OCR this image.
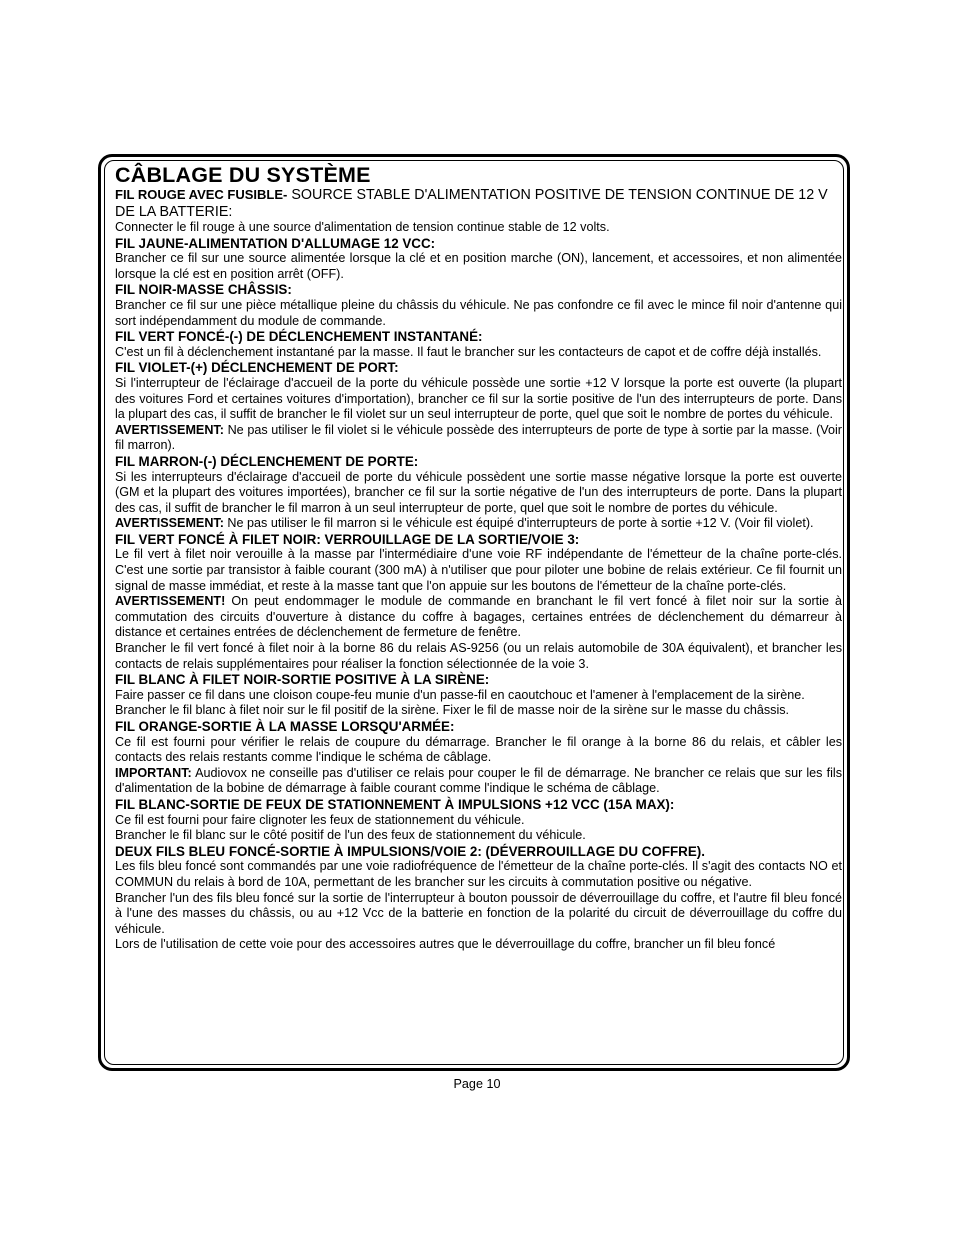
CÂBLAGE DU SYSTÈME

FIL ROUGE AVEC FUSIBLE- SOURCE STABLE D'ALIMENTATION POSITIVE DE TENSION CONTINUE DE 12 V DE LA BATTERIE:

Connecter le fil rouge à une source d'alimentation de tension continue stable de 12 volts.

FIL JAUNE-ALIMENTATION D'ALLUMAGE 12 VCC:

Brancher ce fil sur une source alimentée lorsque la clé et en position marche (ON), lancement, et accessoires, et non alimentée lorsque la clé est en position arrêt (OFF).

FIL NOIR-MASSE CHÂSSIS:

Brancher ce fil sur une pièce métallique pleine du châssis du véhicule. Ne pas confondre ce fil avec le mince fil noir d'antenne qui sort indépendamment du module de commande.

FIL VERT FONCÉ-(-) DE DÉCLENCHEMENT INSTANTANÉ:

C'est un fil à déclenchement instantané par la masse. Il faut le brancher sur les contacteurs de capot et de coffre déjà installés.

FIL VIOLET-(+) DÉCLENCHEMENT DE PORT:

Si l'interrupteur de l'éclairage d'accueil de la porte du véhicule possède une sortie +12 V lorsque la porte est ouverte (la plupart des voitures Ford et certaines voitures d'importation), brancher ce fil sur la sortie positive de l'un des interrupteurs de porte. Dans la plupart des cas, il suffit de brancher le fil violet sur un seul interrupteur de porte, quel que soit le nombre de portes du véhicule.

AVERTISSEMENT: Ne pas utiliser le fil violet si le véhicule possède des interrupteurs de porte de type à sortie par la masse. (Voir fil marron).

FIL MARRON-(-) DÉCLENCHEMENT DE PORTE:

Si les interrupteurs d'éclairage d'accueil de porte du véhicule possèdent une sortie masse négative lorsque la porte est ouverte (GM et la plupart des voitures importées), brancher ce fil sur la sortie négative de l'un des interrupteurs de porte. Dans la plupart des cas, il suffit de brancher le fil marron à un seul interrupteur de porte, quel que soit le nombre de portes du véhicule.

AVERTISSEMENT: Ne pas utiliser le fil marron si le véhicule est équipé d'interrupteurs de porte à sortie +12 V. (Voir fil violet).

FIL VERT FONCÉ À FILET NOIR: VERROUILLAGE DE LA SORTIE/VOIE 3:

Le fil vert à filet noir verouille à la masse par l'intermédiaire d'une voie RF indépendante de l'émetteur de la chaîne porte-clés. C'est une sortie par transistor à faible courant (300 mA) à n'utiliser que pour piloter une bobine de relais extérieur. Ce fil fournit un signal de masse immédiat, et reste à la masse tant que l'on appuie sur les boutons de l'émetteur de la chaîne porte-clés.

AVERTISSEMENT! On peut endommager le module de commande en branchant le fil vert foncé à filet noir sur la sortie à commutation des circuits d'ouverture à distance du coffre à bagages, certaines entrées de déclenchement du démarreur à distance et certaines entrées de déclenchement de fermeture de fenêtre.

Brancher le fil vert foncé à filet noir à la borne 86 du relais AS-9256 (ou un relais automobile de 30A équivalent), et brancher les contacts de relais supplémentaires pour réaliser la fonction sélectionnée de la voie 3.

FIL BLANC À FILET NOIR-SORTIE POSITIVE À LA SIRÈNE:

Faire passer ce fil dans une cloison coupe-feu munie d'un passe-fil en caoutchouc et l'amener à l'emplacement de la sirène.

Brancher le fil blanc à filet noir sur le fil positif de la sirène. Fixer le fil de masse noir de la sirène sur le masse du châssis.

FIL ORANGE-SORTIE À LA MASSE LORSQU'ARMÉE:

Ce fil est fourni pour vérifier le relais de coupure du démarrage. Brancher le fil orange à la borne 86 du relais, et câbler les contacts des relais restants comme l'indique le schéma de câblage.

IMPORTANT: Audiovox ne conseille pas d'utiliser ce relais pour couper le fil de démarrage. Ne brancher ce relais que sur les fils d'alimentation de la bobine de démarrage à faible courant comme l'indique le schéma de câblage.

FIL BLANC-SORTIE DE FEUX DE STATIONNEMENT À IMPULSIONS +12 VCC (15A MAX):

Ce fil est fourni pour faire clignoter les feux de stationnement du véhicule.

Brancher le fil blanc sur le côté positif de l'un des feux de stationnement du véhicule.

DEUX FILS BLEU FONCÉ-SORTIE À IMPULSIONS/VOIE 2: (DÉVERROUILLAGE DU COFFRE).

Les fils bleu foncé sont commandés par une voie radiofréquence de l'émetteur de la chaîne porte-clés. Il s'agit des contacts NO et COMMUN du relais à bord de 10A, permettant de les brancher sur les circuits à commutation positive ou négative.

Brancher l'un des fils bleu foncé sur la sortie de l'interrupteur à bouton poussoir de déverrouillage du coffre, et l'autre fil bleu foncé à l'une des masses du châssis, ou au +12 Vcc de la batterie en fonction de la polarité du circuit de déverrouillage du coffre du véhicule.

Lors de l'utilisation de cette voie pour des accessoires autres que le déverrouillage du coffre, brancher un fil bleu foncé

Page 10
